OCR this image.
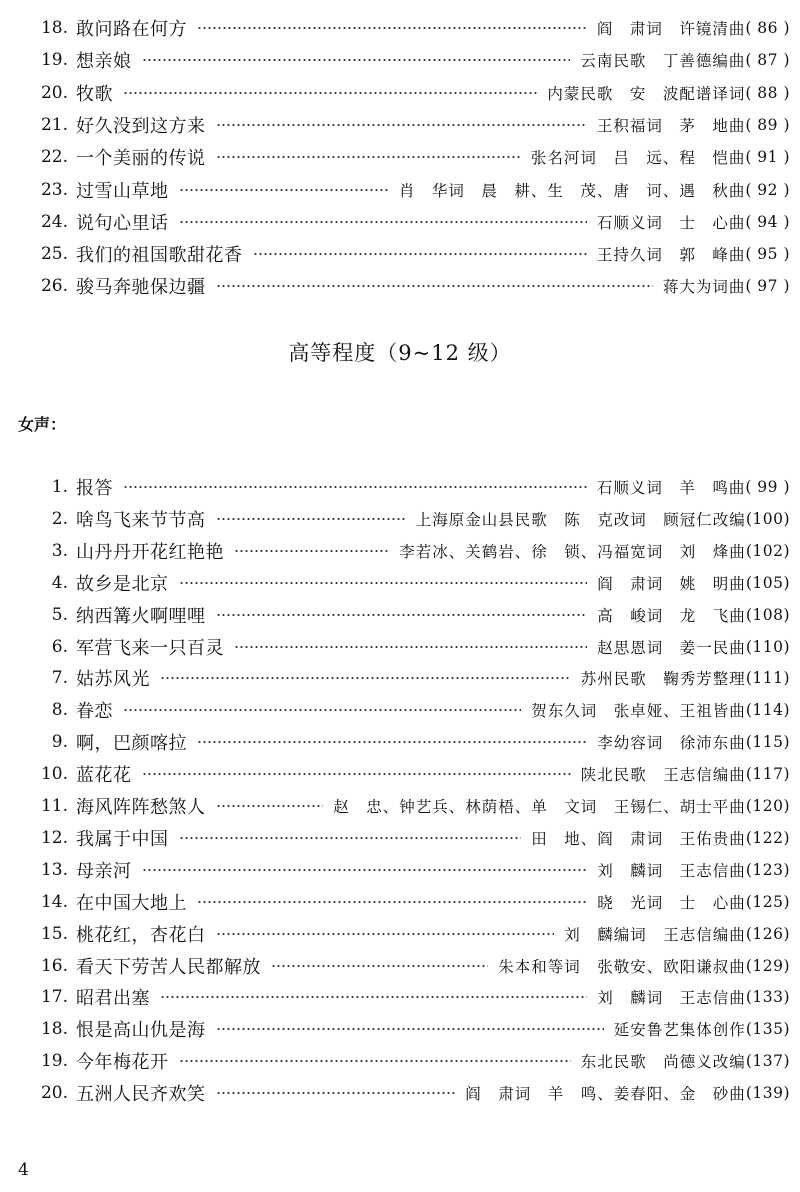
18. 敢问路在何方	阎　肃词　许镜清曲 ( 86 )
19. 想亲娘	云南民歌　丁善德编曲 ( 87 )
20. 牧歌	内蒙民歌　安　波配谱译词 ( 88 )
21. 好久没到这方来	王积福词　茅　地曲 ( 89 )
22. 一个美丽的传说	张名河词　吕　远、程　恺曲 ( 91 )
23. 过雪山草地	肖　华词　晨　耕、生　茂、唐　诃、遇　秋曲 ( 92 )
24. 说句心里话	石顺义词　士　心曲 ( 94 )
25. 我们的祖国歌甜花香	王持久词　郭　峰曲 ( 95 )
26. 骏马奔驰保边疆	蒋大为词曲 ( 97 )
高等程度（9~12 级）
女声：
1. 报答	石顺义词　羊　鸣曲 ( 99 )
2. 啥鸟飞来节节高	上海原金山县民歌　陈　克改词　顾冠仁改编 (100)
3. 山丹丹开花红艳艳	李若冰、关鹤岩、徐　锁、冯福宽词　刘　烽曲 (102)
4. 故乡是北京	阎　肃词　姚　明曲 (105)
5. 纳西篝火啊哩哩	高　峻词　龙　飞曲 (108)
6. 军营飞来一只百灵	赵思恩词　姜一民曲 (110)
7. 姑苏风光	苏州民歌　鞠秀芳整理 (111)
8. 眷恋	贺东久词　张卓娅、王祖皆曲 (114)
9. 啊，巴颜喀拉	李幼容词　徐沛东曲 (115)
10. 蓝花花	陕北民歌　王志信编曲 (117)
11. 海风阵阵愁煞人	赵　忠、钟艺兵、林荫梧、单　文词　王锡仁、胡士平曲 (120)
12. 我属于中国	田　地、阎　肃词　王佑贵曲 (122)
13. 母亲河	刘　麟词　王志信曲 (123)
14. 在中国大地上	晓　光词　士　心曲 (125)
15. 桃花红，杏花白	刘　麟编词　王志信编曲 (126)
16. 看天下劳苦人民都解放	朱本和等词　张敬安、欧阳谦叔曲 (129)
17. 昭君出塞	刘　麟词　王志信曲 (133)
18. 恨是高山仇是海	延安鲁艺集体创作 (135)
19. 今年梅花开	东北民歌　尚德义改编 (137)
20. 五洲人民齐欢笑	阎　肃词　羊　鸣、姜春阳、金　砂曲 (139)
4
